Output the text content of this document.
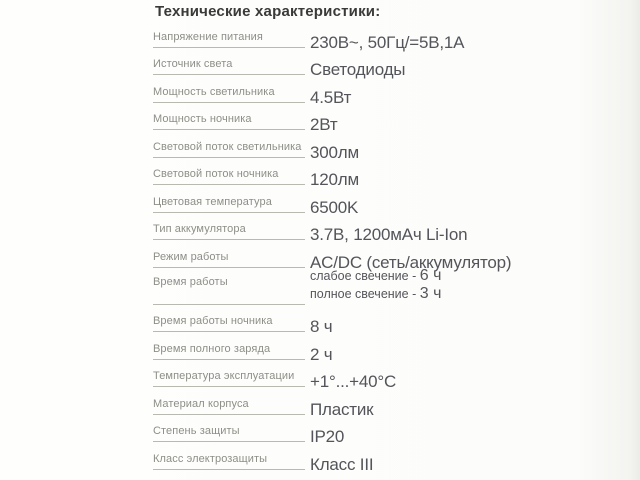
Технические характеристики:
Напряжение питания	230В~, 50Гц/=5В,1А
Источник света	Светодиоды
Мощность светильника	4.5Вт
Мощность ночника	2Вт
Световой поток светильника 300лм
Световой поток ночника	120лм
Цветовая температура	6500K
Тип аккумулятора	3.7В, 1200мАч Li-Ion
Режим работы	AC/DC (сеть/аккумулятор)
Время работы	слабое свечение - 6 ч
полное свечение - 3 ч
Время работы ночника	8 ч
Время полного заряда	2 ч
Температура эксплуатации +1°...+40°C
Материал корпуса	Пластик
Степень защиты	IP20
Класс электрозащиты	Класс III
